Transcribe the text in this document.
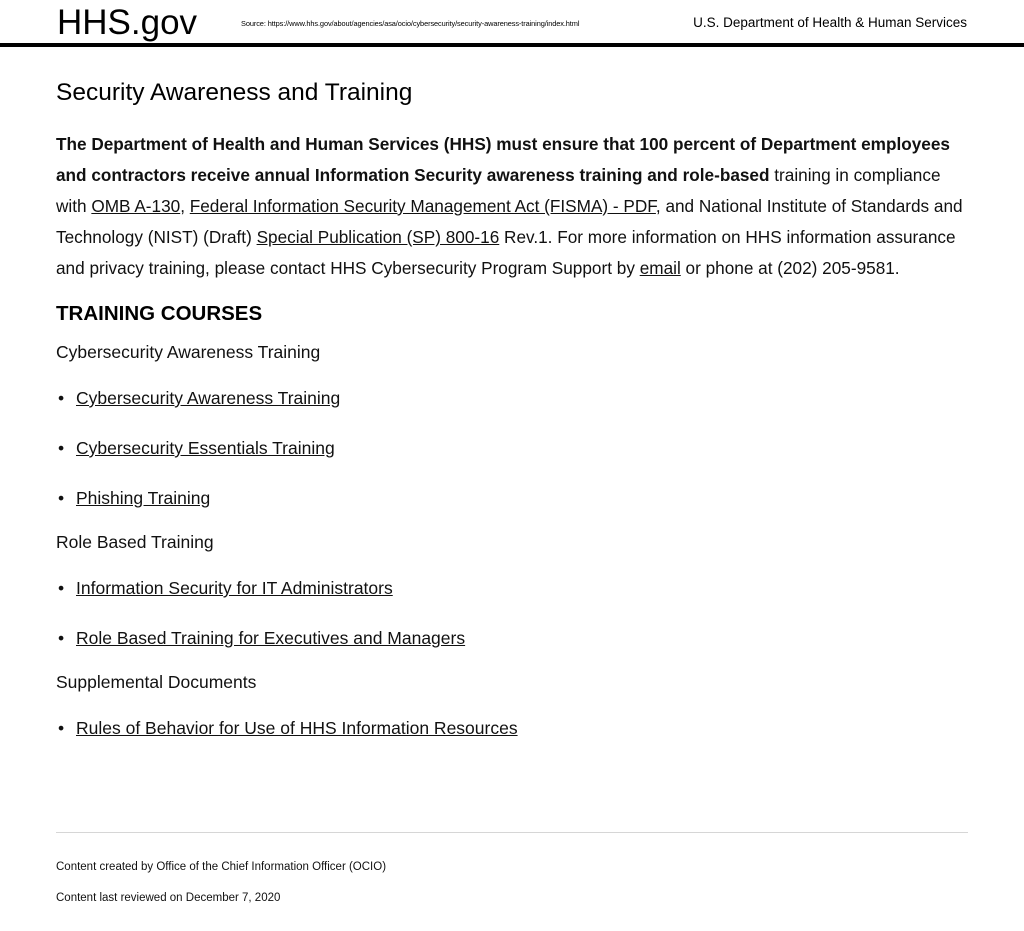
HHS.gov	Source: https://www.hhs.gov/about/agencies/asa/ocio/cybersecurity/security-awareness-training/index.html	U.S. Department of Health & Human Services
Security Awareness and Training
The Department of Health and Human Services (HHS) must ensure that 100 percent of Department employees and contractors receive annual Information Security awareness training and role-based training in compliance with OMB A-130, Federal Information Security Management Act (FISMA) - PDF, and National Institute of Standards and Technology (NIST) (Draft) Special Publication (SP) 800-16 Rev.1. For more information on HHS information assurance and privacy training, please contact HHS Cybersecurity Program Support by email or phone at (202) 205-9581.
TRAINING COURSES
Cybersecurity Awareness Training
• Cybersecurity Awareness Training
• Cybersecurity Essentials Training
• Phishing Training
Role Based Training
• Information Security for IT Administrators
• Role Based Training for Executives and Managers
Supplemental Documents
• Rules of Behavior for Use of HHS Information Resources
Content created by Office of the Chief Information Officer (OCIO)
Content last reviewed on December 7, 2020
